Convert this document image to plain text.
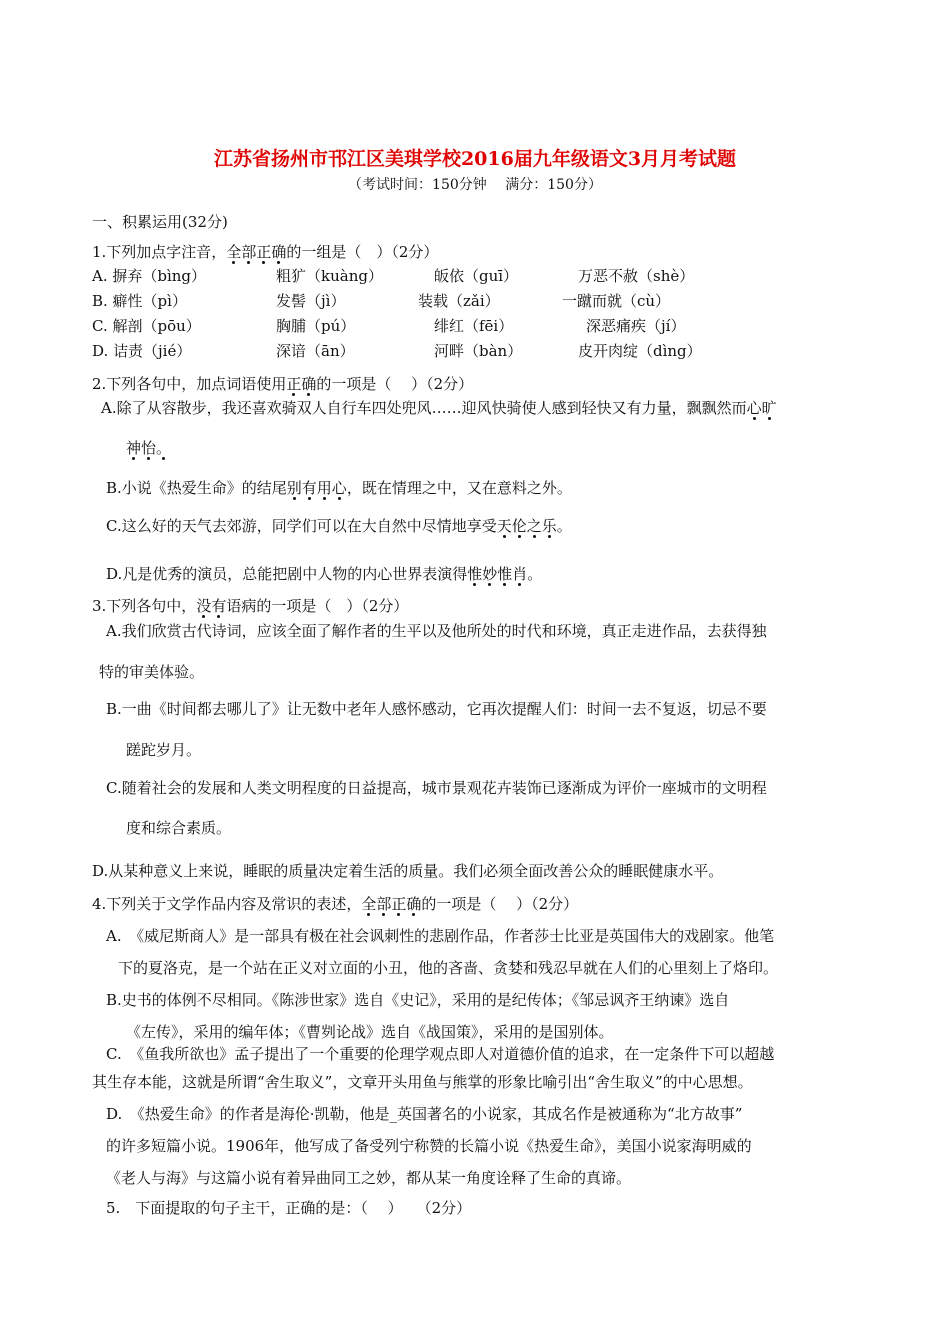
江苏省扬州市邗江区美琪学校2016届九年级语文3月月考试题
（考试时间：150分钟　 满分：150分）
一、积累运用(32分)
1.下列加点字注音，全部正确
的一组是（　）（2分）
A. 摒弃（bìng）	粗犷（kuàng）	皈依（guī）	万恶不赦（shè）
B. 癖性（pì）	发髻（jì）	装载（zǎi）	一蹴而就（cù）
C. 解剖（pōu）	胸脯（pú）	绯红（fēi）	深恶痛疾（jí）
D. 诘责（jié）	深谙（ān）	河畔（bàn）	皮开肉绽（dìng）
2.下列各句中，加点词语使用正确
的一项是（　 ）（2分）
A.除了从容散步，我还喜欢骑双人自行车四处兜风……迎风快骑使人感到轻快又有力量，飘飘然而心旷
神怡。
B.小说《热爱生命》的结尾别有用心
，既在情理之中，又在意料之外。
C.这么好的天气去郊游，同学们可以在大自然中尽情地享受天伦之乐
。
D.凡是优秀的演员，总能把剧中人物的内心世界表演得惟妙惟肖
。
3.下列各句中，没有
语病的一项是（　）（2分）
A.我们欣赏古代诗词，应该全面了解作者的生平以及他所处的时代和环境，真正走进作品，去获得独
特的审美体验。
B.一曲《时间都去哪儿了》让无数中老年人感怀感动，它再次提醒人们：时间一去不复返，切忌不要
蹉跎岁月。
C.随着社会的发展和人类文明程度的日益提高，城市景观花卉装饰已逐渐成为评价一座城市的文明程
度和综合素质。
D.从某种意义上来说，睡眠的质量决定着生活的质量。我们必须全面改善公众的睡眠健康水平。
4.下列关于文学作品内容及常识的表述，全部正确
的一项是（　 ）（2分）
A.　《威尼斯商人》是一部具有极在社会讽刺性的悲剧作品，作者莎士比亚是英国伟大的戏剧家。他笔
下的夏洛克，是一个站在正义对立面的小丑，他的吝啬、贪婪和残忍早就在人们的心里刻上了烙印。
B.史书的体例不尽相同。《陈涉世家》选自《史记》，采用的是纪传体；《邹忌讽齐王纳谏》选自
《左传》，采用的编年体；《曹刿论战》选自《战国策》，采用的是国别体。
C.　《鱼我所欲也》孟子提出了一个重要的伦理学观点即人对道德价值的追求，在一定条件下可以超越
其生存本能，这就是所谓“舍生取义”，文章开头用鱼与熊掌的形象比喻引出“舍生取义”的中心思想。
D.　《热爱生命》的作者是海伦·凯勒，他是_英国著名的小说家，其成名作是被通称为“北方故事”
的许多短篇小说。1906年，他写成了备受列宁称赞的长篇小说《热爱生命》，美国小说家海明威的
《老人与海》与这篇小说有着异曲同工之妙，都从某一角度诠释了生命的真谛。
5.　下面提取的句子主干，正确的是：（　 ） （2分）
